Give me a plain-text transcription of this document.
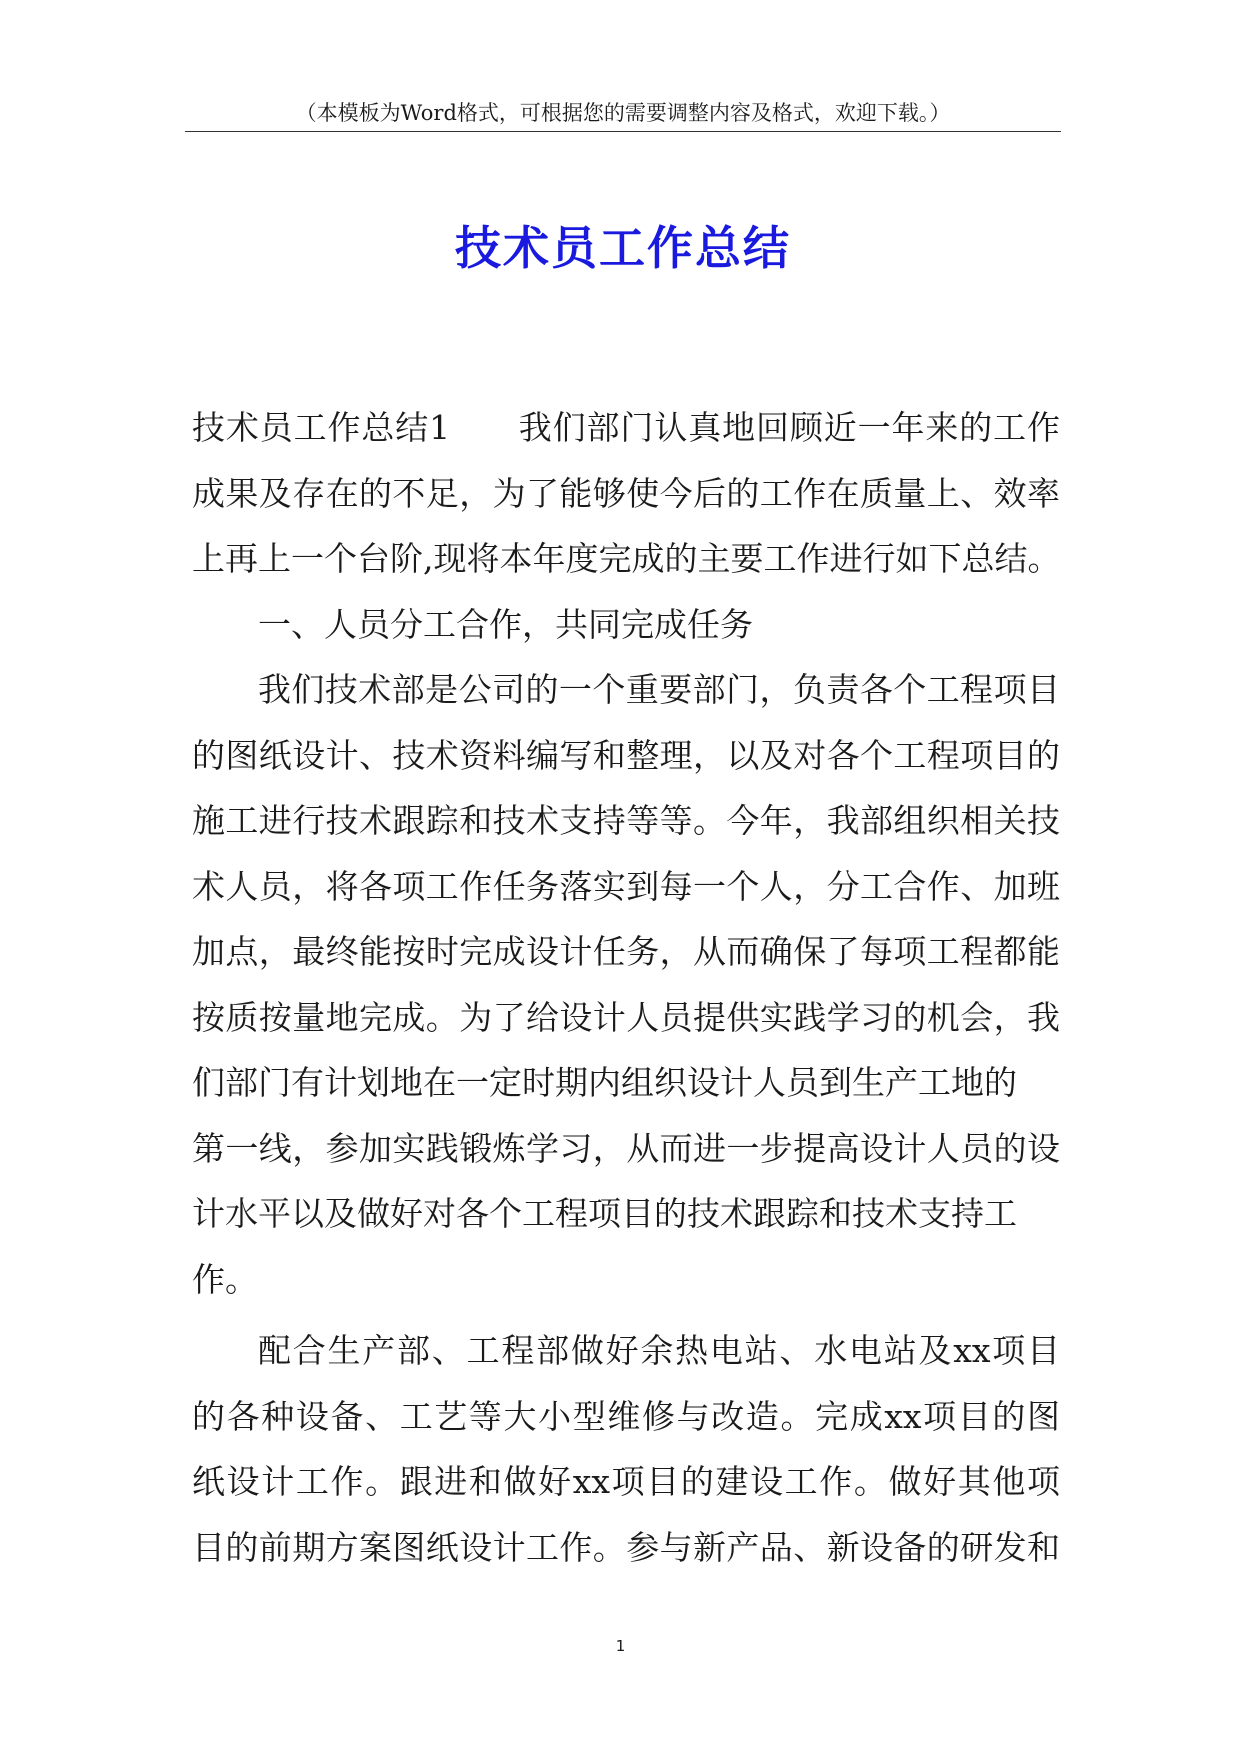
（本模板为Word格式，可根据您的需要调整内容及格式，欢迎下载。）
技术员工作总结
技术员工作总结1　　我们部门认真地回顾近一年来的工作
成果及存在的不足，为了能够使今后的工作在质量上、效率
上再上一个台阶,现将本年度完成的主要工作进行如下总结。
一、人员分工合作，共同完成任务
我们技术部是公司的一个重要部门，负责各个工程项目
的图纸设计、技术资料编写和整理，以及对各个工程项目的
施工进行技术跟踪和技术支持等等。今年，我部组织相关技
术人员，将各项工作任务落实到每一个人，分工合作、加班
加点，最终能按时完成设计任务，从而确保了每项工程都能
按质按量地完成。为了给设计人员提供实践学习的机会，我
们部门有计划地在一定时期内组织设计人员到生产工地的
第一线，参加实践锻炼学习，从而进一步提高设计人员的设
计水平以及做好对各个工程项目的技术跟踪和技术支持工
作。
配合生产部、工程部做好余热电站、水电站及xx项目
的各种设备、工艺等大小型维修与改造。完成xx项目的图
纸设计工作。跟进和做好xx项目的建设工作。做好其他项
目的前期方案图纸设计工作。参与新产品、新设备的研发和
1
